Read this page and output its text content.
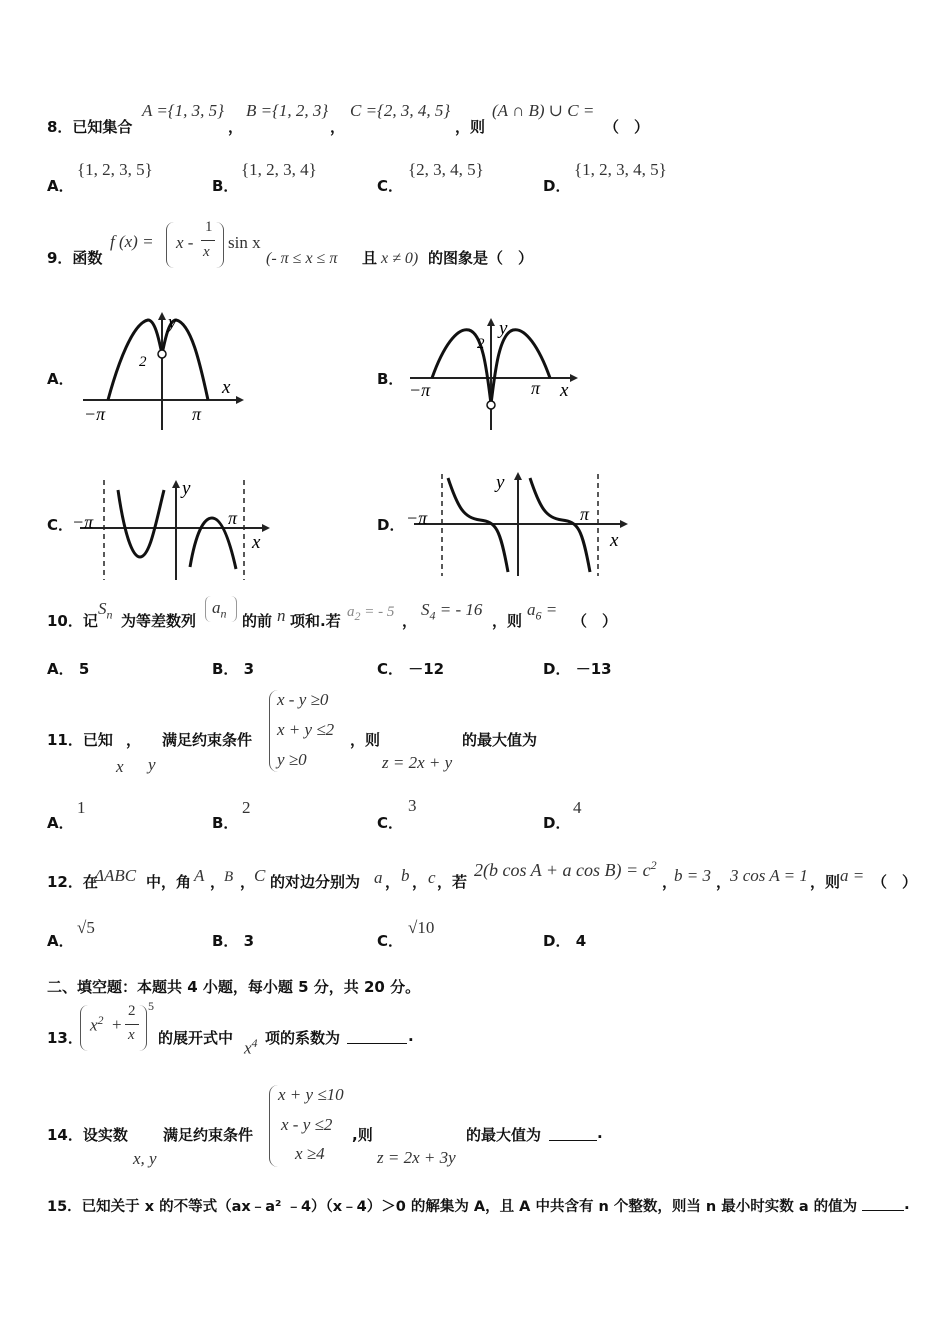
8．已知集合
A ={1, 3, 5}
，
B ={1, 2, 3}
，
C ={2, 3, 4, 5}
，则
(A ∩ B) ∪ C =
（　）
A．
{1, 2, 3, 5}
B．
{1, 2, 3, 4}
C．
{2, 3, 4, 5}
D．
{1, 2, 3, 4, 5}
9．函数
f (x) = x -
1
x sin x
(- π ≤ x ≤ π 且 x ≠ 0) 的图象是（　）
A．	B．
C．	D．
y
x
−π	π
2
y
x
−π	π
2
y
x
−π	π
y
x
−π	π
10．记
$S_n$ 为等差数列
$a_n$ 的前 n 项和.若 $a_2$ = - 5 ，
$S_4$ = - 16
，则
$a_6$ =
（　）
A． 5	B． 3	C． －12	D． －13
11．已知 ，
x y
满足约束条件
x - y ≥0
x + y ≤2
y ≥0
，则
z = 2x + y
的最大值为
A．
1
B．
2
C．
3
D．
4
12．在
ΔABC 中，角 A ，
B ，
C 的对边分别为 a ， b ， c ，若
2(b cos A + a $\cos B) = c^2$
，
b = 3 ，
3 cos A = 1 ，则 a = （　）
A．
√5
B． 3	C．
√10
D． 4
二、填空题：本题共 4 小题，每小题 5 分，共 20 分。
13．
$x^2$ +
2
x
5
的展开式中
$x^4$ 项的系数为	.
14．设实数
x, y
满足约束条件
x + y ≤10
x - y ≤2
x ≥4
,则
z = 2x + 3y
的最大值为	.
15．已知关于 x 的不等式（ax﹣a² ﹣4）（x﹣4）＞0 的解集为 A，且 A 中共含有 n 个整数，则当 n 最小时实数 a 的值为	.
